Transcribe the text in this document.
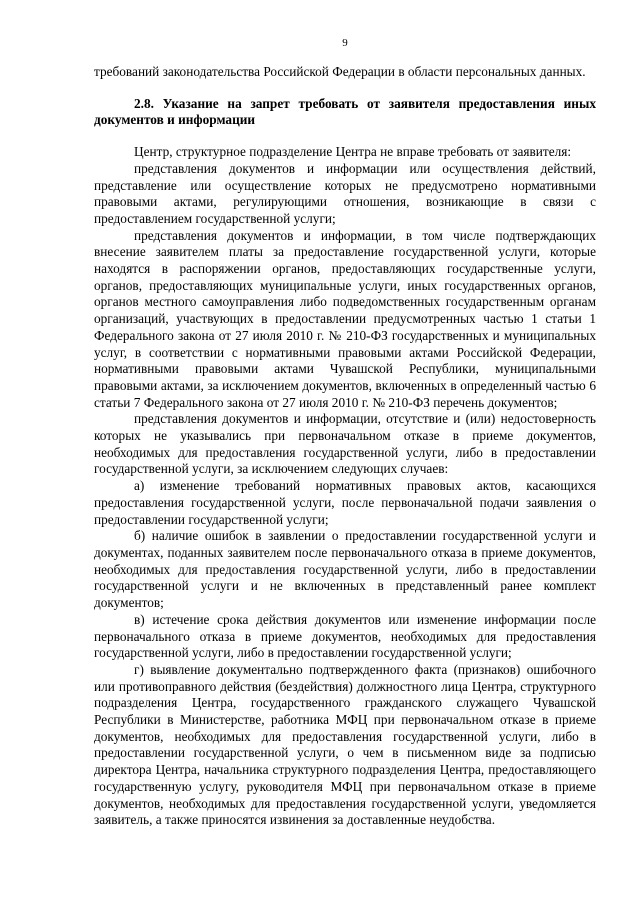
9

требований законодательства Российской Федерации в области персональных данных.

2.8. Указание на запрет требовать от заявителя предоставления иных документов и информации

Центр, структурное подразделение Центра не вправе требовать от заявителя:

представления документов и информации или осуществления действий, представление или осуществление которых не предусмотрено нормативными правовыми актами, регулирующими отношения, возникающие в связи с предоставлением государственной услуги;

представления документов и информации, в том числе подтверждающих внесение заявителем платы за предоставление государственной услуги, которые находятся в распоряжении органов, предоставляющих государственные услуги, органов, предоставляющих муниципальные услуги, иных государственных органов, органов местного самоуправления либо подведомственных государственным органам организаций, участвующих в предоставлении предусмотренных частью 1 статьи 1 Федерального закона от 27 июля 2010 г. № 210-ФЗ государственных и муниципальных услуг, в соответствии с нормативными правовыми актами Российской Федерации, нормативными правовыми актами Чувашской Республики, муниципальными правовыми актами, за исключением документов, включенных в определенный частью 6 статьи 7 Федерального закона от 27 июля 2010 г. № 210-ФЗ перечень документов;

представления документов и информации, отсутствие и (или) недостоверность которых не указывались при первоначальном отказе в приеме документов, необходимых для предоставления государственной услуги, либо в предоставлении государственной услуги, за исключением следующих случаев:

а) изменение требований нормативных правовых актов, касающихся предоставления государственной услуги, после первоначальной подачи заявления о предоставлении государственной услуги;

б) наличие ошибок в заявлении о предоставлении государственной услуги и документах, поданных заявителем после первоначального отказа в приеме документов, необходимых для предоставления государственной услуги, либо в предоставлении государственной услуги и не включенных в представленный ранее комплект документов;

в) истечение срока действия документов или изменение информации после первоначального отказа в приеме документов, необходимых для предоставления государственной услуги, либо в предоставлении государственной услуги;

г) выявление документально подтвержденного факта (признаков) ошибочного или противоправного действия (бездействия) должностного лица Центра, структурного подразделения Центра, государственного гражданского служащего Чувашской Республики в Министерстве, работника МФЦ при первоначальном отказе в приеме документов, необходимых для предоставления государственной услуги, либо в предоставлении государственной услуги, о чем в письменном виде за подписью директора Центра, начальника структурного подразделения Центра, предоставляющего государственную услугу, руководителя МФЦ при первоначальном отказе в приеме документов, необходимых для предоставления государственной услуги, уведомляется заявитель, а также приносятся извинения за доставленные неудобства.
